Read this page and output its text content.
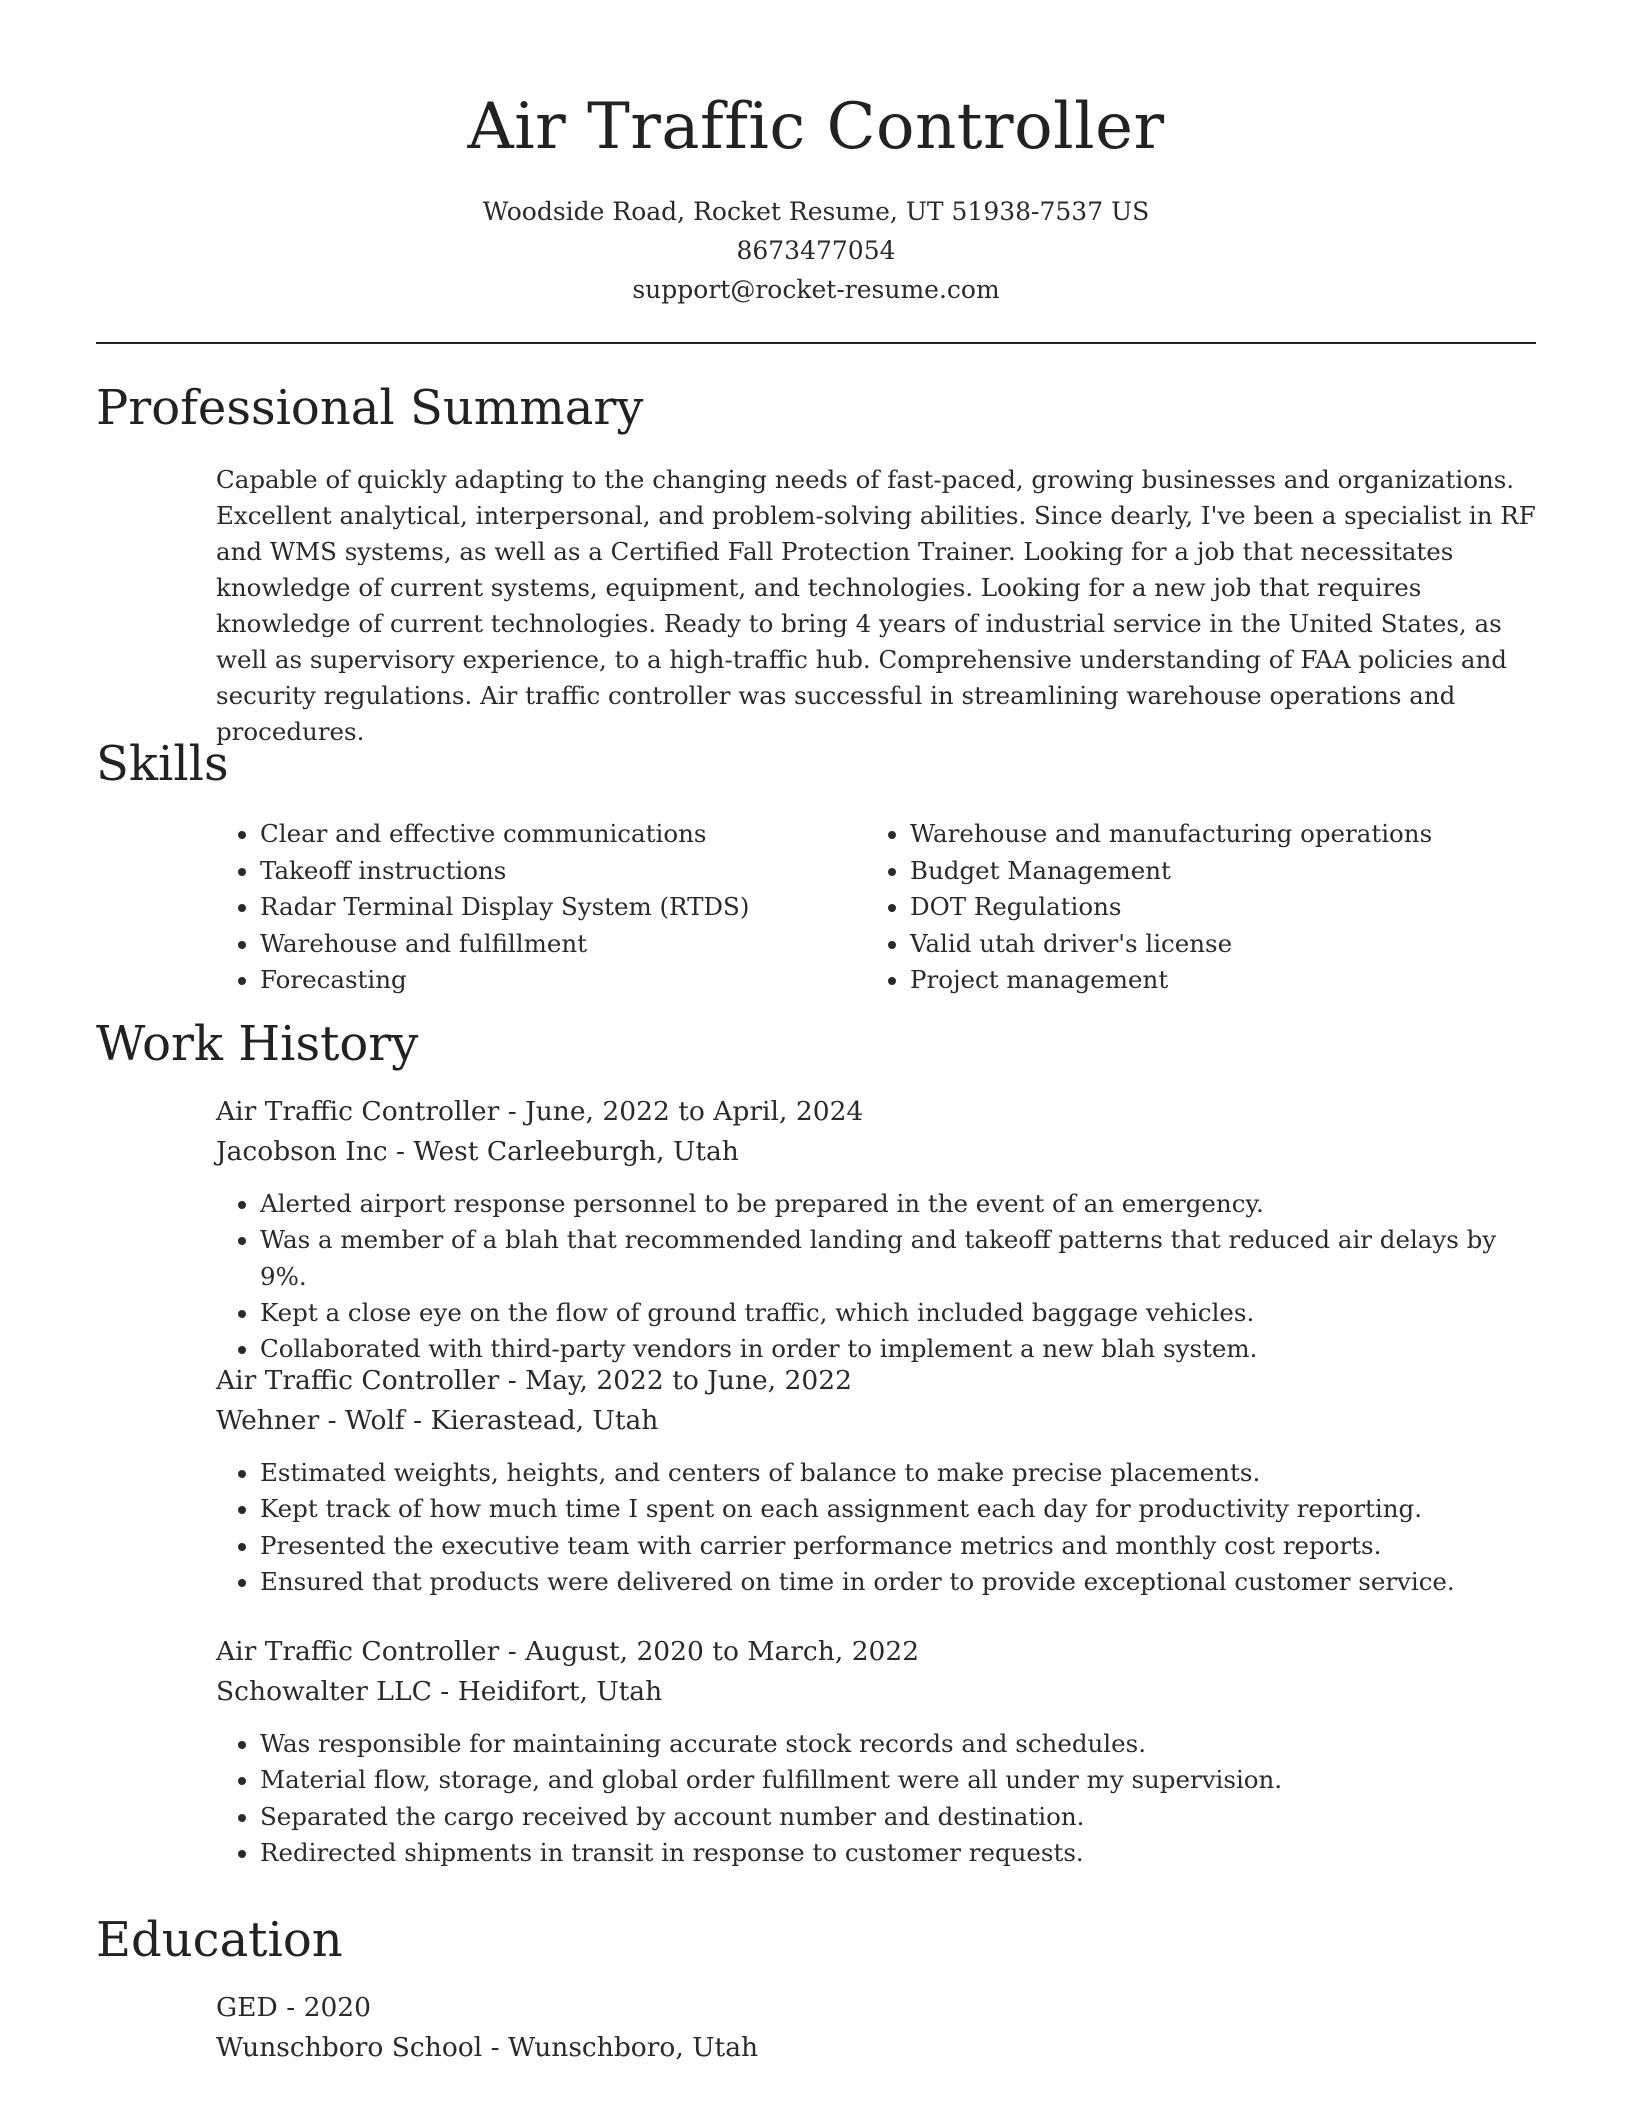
Air Traffic Controller
Woodside Road, Rocket Resume, UT 51938-7537 US
8673477054
support@rocket-resume.com
Professional Summary

Capable of quickly adapting to the changing needs of fast-paced, growing businesses and organizations. Excellent analytical, interpersonal, and problem-solving abilities. Since dearly, I've been a specialist in RF and WMS systems, as well as a Certified Fall Protection Trainer. Looking for a job that necessitates knowledge of current systems, equipment, and technologies. Looking for a new job that requires knowledge of current technologies. Ready to bring 4 years of industrial service in the United States, as well as supervisory experience, to a high-traffic hub. Comprehensive understanding of FAA policies and security regulations. Air traffic controller was successful in streamlining warehouse operations and procedures.

Skills
• Clear and effective communications
• Takeoff instructions
• Radar Terminal Display System (RTDS)
• Warehouse and fulfillment
• Forecasting
• Warehouse and manufacturing operations
• Budget Management
• DOT Regulations
• Valid utah driver's license
• Project management
Work History
Air Traffic Controller - June, 2022 to April, 2024
Jacobson Inc - West Carleeburgh, Utah
• Alerted airport response personnel to be prepared in the event of an emergency.
• Was a member of a blah that recommended landing and takeoff patterns that reduced air delays by 9%.
• Kept a close eye on the flow of ground traffic, which included baggage vehicles.
• Collaborated with third-party vendors in order to implement a new blah system.
Air Traffic Controller - May, 2022 to June, 2022
Wehner - Wolf - Kierastead, Utah
• Estimated weights, heights, and centers of balance to make precise placements.
• Kept track of how much time I spent on each assignment each day for productivity reporting.
• Presented the executive team with carrier performance metrics and monthly cost reports.
• Ensured that products were delivered on time in order to provide exceptional customer service.
Air Traffic Controller - August, 2020 to March, 2022
Schowalter LLC - Heidifort, Utah
• Was responsible for maintaining accurate stock records and schedules.
• Material flow, storage, and global order fulfillment were all under my supervision.
• Separated the cargo received by account number and destination.
• Redirected shipments in transit in response to customer requests.
Education
GED - 2020
Wunschboro School - Wunschboro, Utah
